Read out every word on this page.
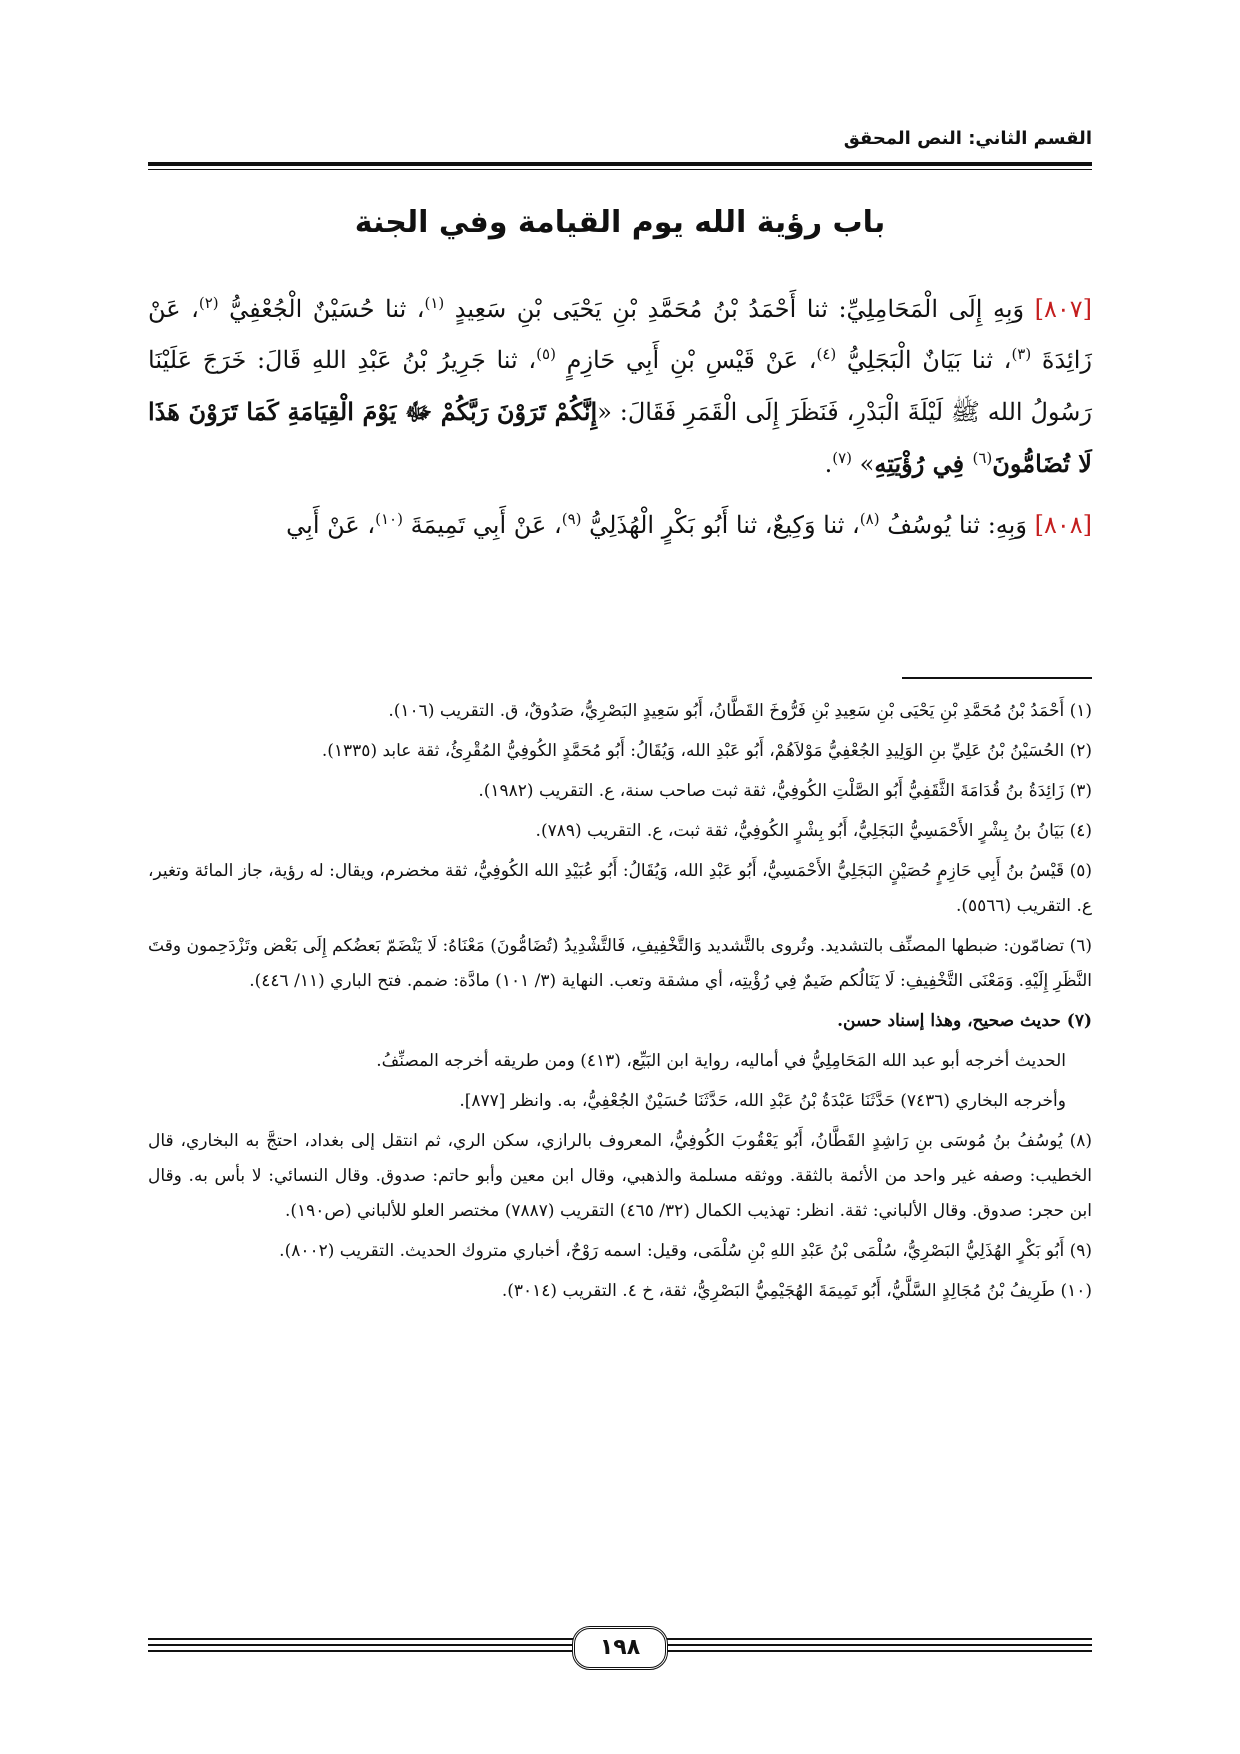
القسم الثاني: النص المحقق
باب رؤية الله يوم القيامة وفي الجنة

[٨٠٧] وَبِهِ إِلَى الْمَحَامِلِيِّ: ثنا أَحْمَدُ بْنُ مُحَمَّدِ بْنِ يَحْيَى بْنِ سَعِيدٍ $^{(١)}$، ثنا حُسَيْنٌ الْجُعْفِيُّ $^{(٢)}$، عَنْ زَائِدَةَ $^{(٣)}$، ثنا بَيَانٌ الْبَجَلِيُّ $^{(٤)}$، عَنْ قَيْسِ بْنِ أَبِي حَازِمٍ $^{(٥)}$، ثنا جَرِيرُ بْنُ عَبْدِ اللهِ قَالَ: خَرَجَ عَلَيْنَا رَسُولُ الله ﷺ لَيْلَةَ الْبَدْرِ، فَنَظَرَ إِلَى الْقَمَرِ فَقَالَ: «إِنَّكُمْ تَرَوْنَ رَبَّكُمْ ﷻ يَوْمَ الْقِيَامَةِ كَمَا تَرَوْنَ هَذَا لَا تُضَامُّونَ$^{(٦)}$ فِي رُؤْيَتِهِ» $^{(٧)}$.

[٨٠٨] وَبِهِ: ثنا يُوسُفُ $^{(٨)}$، ثنا وَكِيعٌ، ثنا أَبُو بَكْرٍ الْهُذَلِيُّ $^{(٩)}$، عَنْ أَبِي تَمِيمَةَ $^{(١٠)}$، عَنْ أَبِي

(١) أَحْمَدُ بْنُ مُحَمَّدِ بْنِ يَحْيَى بْنِ سَعِيدِ بْنِ فَرُّوخَ القَطَّانُ، أَبُو سَعِيدٍ البَصْرِيُّ، صَدُوقٌ، ق. التقريب (١٠٦).

(٢) الحُسَيْنُ بْنُ عَلِيِّ بنِ الوَلِيدِ الجُعْفِيُّ مَوْلاَهُمْ، أَبُو عَبْدِ الله، وَيُقَالُ: أَبُو مُحَمَّدٍ الكُوفِيُّ المُقْرِئُ، ثقة عابد (١٣٣٥).

(٣) زَائِدَةُ بنُ قُدَامَةَ الثَّقَفِيُّ أَبُو الصَّلْتِ الكُوفِيُّ، ثقة ثبت صاحب سنة، ع. التقريب (١٩٨٢).

(٤) بَيَانُ بنُ بِشْرٍ الأَحْمَسِيُّ البَجَلِيُّ، أَبُو بِشْرٍ الكُوفِيُّ، ثقة ثبت، ع. التقريب (٧٨٩).

(٥) قَيْسُ بنُ أَبِي حَازِمٍ حُصَيْنٍ البَجَلِيُّ الأَحْمَسِيُّ، أَبُو عَبْدِ الله، وَيُقَالُ: أَبُو عُبَيْدِ الله الكُوفِيُّ، ثقة مخضرم، ويقال: له رؤية، جاز المائة وتغير، ع. التقريب (٥٥٦٦).

(٦) تضامّون: ضبطها المصنِّف بالتشديد. وتُروى بالتَّشديد وَالتَّخْفِيفِ، فَالتَّشْدِيدُ (تُضَامُّونَ) مَعْنَاهُ: لَا يَنْضَمّ بَعضُكم إِلَى بَعْض وتَزْدَحِمون وقتَ النَّظَرِ إِلَيْهِ. وَمَعْنَى التَّخْفِيفِ: لَا يَنَالُكم ضَيمٌ فِي رُؤْيتِه، أي مشقة وتعب. النهاية (٣/ ١٠١) مادَّة: ضمم. فتح الباري (١١/ ٤٤٦).

(٧) حديث صحيح، وهذا إسناد حسن.

الحديث أخرجه أبو عبد الله المَحَامِلِيُّ في أماليه، رواية ابن البَيِّع، (٤١٣) ومن طريقه أخرجه المصنِّفُ.

وأخرجه البخاري (٧٤٣٦) حَدَّثَنَا عَبْدَةُ بْنُ عَبْدِ الله، حَدَّثَنَا حُسَيْنٌ الجُعْفِيُّ، به. وانظر [٨٧٧].

(٨) يُوسُفُ بنُ مُوسَى بنِ رَاشِدٍ القَطَّانُ، أَبُو يَعْقُوبَ الكُوفِيُّ، المعروف بالرازي، سكن الري، ثم انتقل إلى بغداد، احتجَّ به البخاري، قال الخطيب: وصفه غير واحد من الأئمة بالثقة. ووثقه مسلمة والذهبي، وقال ابن معين وأبو حاتم: صدوق. وقال النسائي: لا بأس به. وقال ابن حجر: صدوق. وقال الألباني: ثقة. انظر: تهذيب الكمال (٣٢/ ٤٦٥) التقريب (٧٨٨٧) مختصر العلو للألباني (ص١٩٠).

(٩) أَبُو بَكْرٍ الهُذَلِيُّ البَصْرِيُّ، سُلْمَى بْنُ عَبْدِ اللهِ بْنِ سُلْمَى، وقيل: اسمه رَوْحٌ، أخباري متروك الحديث. التقريب (٨٠٠٢).

(١٠) طَرِيفُ بْنُ مُجَالِدٍ السَّلَّيُّ، أَبُو تَمِيمَةَ الهُجَيْمِيُّ البَصْرِيُّ، ثقة، خ ٤. التقريب (٣٠١٤).

١٩٨
